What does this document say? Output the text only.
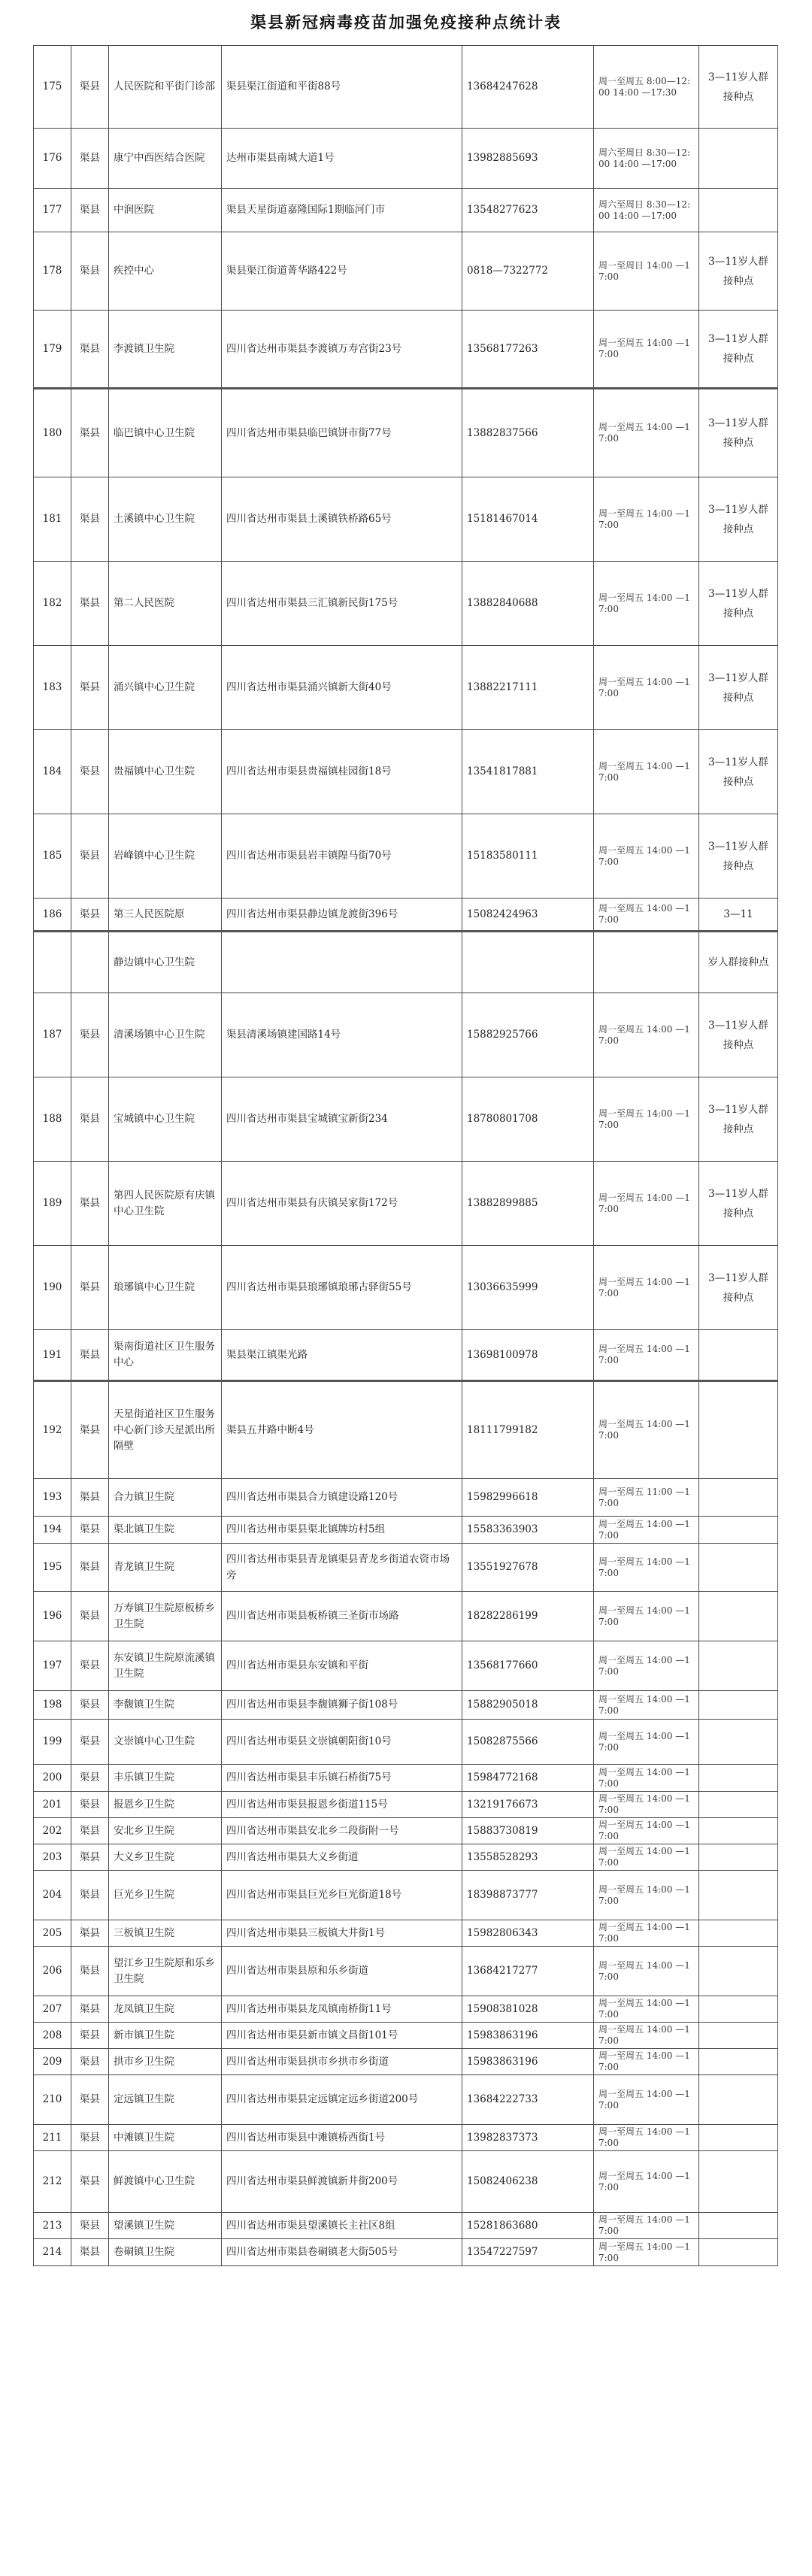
渠县新冠病毒疫苗加强免疫接种点统计表
175	渠县	人民医院和平街门诊部	渠县渠江街道和平街88号	13684247628	周一至周五 8:00—12:00 14:00 —17:30	3—11岁人群接种点
176	渠县	康宁中西医结合医院	达州市渠县南城大道1号	13982885693	周六至周日 8:30—12:00 14:00 —17:00	
177	渠县	中润医院	渠县天星街道嘉隆国际1期临河门市	13548277623	周六至周日 8:30—12:00 14:00 —17:00	
178	渠县	疾控中心	渠县渠江街道菁华路422号	0818—7322772	周一至周日 14:00 —17:00	3—11岁人群接种点
179	渠县	李渡镇卫生院	四川省达州市渠县李渡镇万寿宫街23号	13568177263	周一至周五 14:00 —17:00	3—11岁人群接种点
180	渠县	临巴镇中心卫生院	四川省达州市渠县临巴镇饼市街77号	13882837566	周一至周五 14:00 —17:00	3—11岁人群接种点
181	渠县	土溪镇中心卫生院	四川省达州市渠县土溪镇铁桥路65号	15181467014	周一至周五 14:00 —17:00	3—11岁人群接种点
182	渠县	第二人民医院	四川省达州市渠县三汇镇新民街175号	13882840688	周一至周五 14:00 —17:00	3—11岁人群接种点
183	渠县	涌兴镇中心卫生院	四川省达州市渠县涌兴镇新大街40号	13882217111	周一至周五 14:00 —17:00	3—11岁人群接种点
184	渠县	贵福镇中心卫生院	四川省达州市渠县贵福镇桂园街18号	13541817881	周一至周五 14:00 —17:00	3—11岁人群接种点
185	渠县	岩峰镇中心卫生院	四川省达州市渠县岩丰镇隍马街70号	15183580111	周一至周五 14:00 —17:00	3—11岁人群接种点
186	渠县	第三人民医院原	四川省达州市渠县静边镇龙渡街396号	15082424963	周一至周五 14:00 —17:00	3—11
		静边镇中心卫生院				岁人群接种点
187	渠县	清溪场镇中心卫生院	渠县清溪场镇建国路14号	15882925766	周一至周五 14:00 —17:00	3—11岁人群接种点
188	渠县	宝城镇中心卫生院	四川省达州市渠县宝城镇宝新街234	18780801708	周一至周五 14:00 —17:00	3—11岁人群接种点
189	渠县	第四人民医院原有庆镇中心卫生院	四川省达州市渠县有庆镇吴家街172号	13882899885	周一至周五 14:00 —17:00	3—11岁人群接种点
190	渠县	琅琊镇中心卫生院	四川省达州市渠县琅琊镇琅琊古驿街55号	13036635999	周一至周五 14:00 —17:00	3—11岁人群接种点
191	渠县	渠南街道社区卫生服务中心	渠县渠江镇渠光路	13698100978	周一至周五 14:00 —17:00	
192	渠县	天星街道社区卫生服务中心新门诊天星派出所隔壁	渠县五井路中断4号	18111799182	周一至周五 14:00 —17:00	
193	渠县	合力镇卫生院	四川省达州市渠县合力镇建设路120号	15982996618	周一至周五 11:00 —17:00	
194	渠县	渠北镇卫生院	四川省达州市渠县渠北镇牌坊村5组	15583363903	周一至周五 14:00 —17:00	
195	渠县	青龙镇卫生院	四川省达州市渠县青龙镇渠县青龙乡街道农资市场旁	13551927678	周一至周五 14:00 —17:00	
196	渠县	万寿镇卫生院原板桥乡卫生院	四川省达州市渠县板桥镇三圣街市场路	18282286199	周一至周五 14:00 —17:00	
197	渠县	东安镇卫生院原流溪镇卫生院	四川省达州市渠县东安镇和平街	13568177660	周一至周五 14:00 —17:00	
198	渠县	李馥镇卫生院	四川省达州市渠县李馥镇狮子街108号	15882905018	周一至周五 14:00 —17:00	
199	渠县	文崇镇中心卫生院	四川省达州市渠县文崇镇朝阳街10号	15082875566	周一至周五 14:00 —17:00	
200	渠县	丰乐镇卫生院	四川省达州市渠县丰乐镇石桥街75号	15984772168	周一至周五 14:00 —17:00	
201	渠县	报恩乡卫生院	四川省达州市渠县报恩乡街道115号	13219176673	周一至周五 14:00 —17:00	
202	渠县	安北乡卫生院	四川省达州市渠县安北乡二段街附一号	15883730819	周一至周五 14:00 —17:00	
203	渠县	大义乡卫生院	四川省达州市渠县大义乡街道	13558528293	周一至周五 14:00 —17:00	
204	渠县	巨光乡卫生院	四川省达州市渠县巨光乡巨光街道18号	18398873777	周一至周五 14:00 —17:00	
205	渠县	三板镇卫生院	四川省达州市渠县三板镇大井街1号	15982806343	周一至周五 14:00 —17:00	
206	渠县	望江乡卫生院原和乐乡卫生院	四川省达州市渠县原和乐乡街道	13684217277	周一至周五 14:00 —17:00	
207	渠县	龙凤镇卫生院	四川省达州市渠县龙凤镇南桥街11号	15908381028	周一至周五 14:00 —17:00	
208	渠县	新市镇卫生院	四川省达州市渠县新市镇文昌街101号	15983863196	周一至周五 14:00 —17:00	
209	渠县	拱市乡卫生院	四川省达州市渠县拱市乡拱市乡街道	15983863196	周一至周五 14:00 —17:00	
210	渠县	定远镇卫生院	四川省达州市渠县定远镇定远乡街道200号	13684222733	周一至周五 14:00 —17:00	
211	渠县	中滩镇卫生院	四川省达州市渠县中滩镇桥西街1号	13982837373	周一至周五 14:00 —17:00	
212	渠县	鲜渡镇中心卫生院	四川省达州市渠县鲜渡镇新井街200号	15082406238	周一至周五 14:00 —17:00	
213	渠县	望溪镇卫生院	四川省达州市渠县望溪镇长主社区8组	15281863680	周一至周五 14:00 —17:00	
214	渠县	卷硐镇卫生院	四川省达州市渠县卷硐镇老大街505号	13547227597	周一至周五 14:00 —17:00	
